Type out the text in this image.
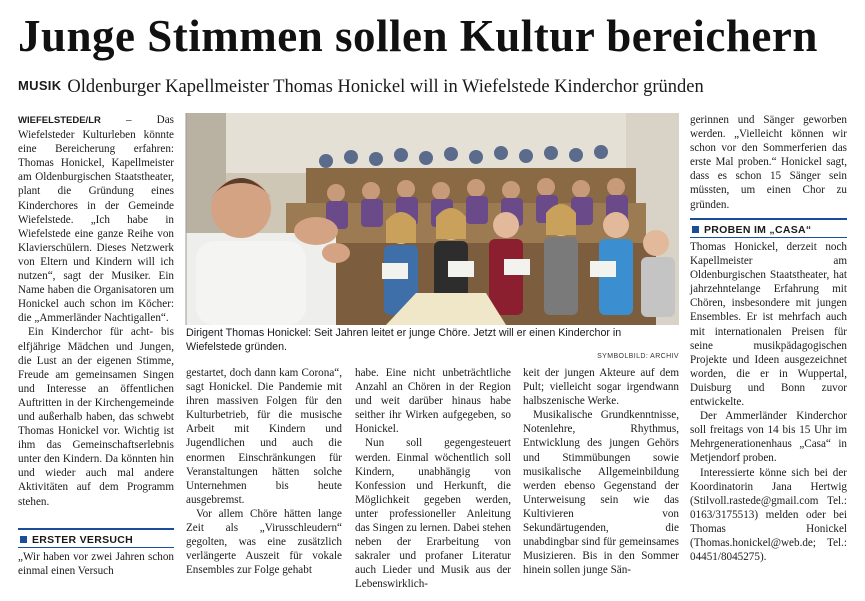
Junge Stimmen sollen Kultur bereichern
MUSIK Oldenburger Kapellmeister Thomas Honickel will in Wiefelstede Kinderchor gründen

WIEFELSTEDE/LR – Das Wiefelsteder Kulturleben könnte eine Bereicherung erfahren: Thomas Honickel, Kapellmeister am Oldenburgischen Staatstheater, plant die Gründung eines Kinderchores in der Gemeinde Wiefelstede. „Ich habe in Wiefelstede eine ganze Reihe von Klavierschülern. Dieses Netzwerk von Eltern und Kindern will ich nutzen“, sagt der Musiker. Ein Name haben die Organisatoren um Honickel auch schon im Köcher: die „Ammerländer Nachtigallen“.

Ein Kinderchor für acht- bis elfjährige Mädchen und Jungen, die Lust an der eigenen Stimme, Freude am gemeinsamen Singen und Interesse an öffentlichen Auftritten in der Kirchengemeinde und außerhalb haben, das schwebt Thomas Honickel vor. Wichtig ist ihm das Gemeinschaftserlebnis unter den Kindern. Da könnten hin und wieder auch mal andere Aktivitäten auf dem Programm stehen.

ERSTER VERSUCH

„Wir haben vor zwei Jahren schon einmal einen Versuch

Dirigent Thomas Honickel: Seit Jahren leitet er junge Chöre. Jetzt will er einen Kinderchor in Wiefelstede gründen.
SYMBOLBILD: ARCHIV

gestartet, doch dann kam Corona“, sagt Honickel. Die Pandemie mit ihren massiven Folgen für den Kulturbetrieb, für die musische Arbeit mit Kindern und Jugendlichen und auch die enormen Einschränkungen für Veranstaltungen hätten solche Unternehmen bis heute ausgebremst.

Vor allem Chöre hätten lange Zeit als „Virusschleudern“ gegolten, was eine zusätzlich verlängerte Auszeit für vokale Ensembles zur Folge gehabt

habe. Eine nicht unbeträchtliche Anzahl an Chören in der Region und weit darüber hinaus habe seither ihr Wirken aufgegeben, so Honickel.

Nun soll gegengesteuert werden. Einmal wöchentlich soll Kindern, unabhängig von Konfession und Herkunft, die Möglichkeit gegeben werden, unter professioneller Anleitung das Singen zu lernen. Dabei stehen neben der Erarbeitung von sakraler und profaner Literatur auch Lieder und Musik aus der Lebenswirklich-

keit der jungen Akteure auf dem Pult; vielleicht sogar irgendwann halbszenische Werke.

Musikalische Grundkenntnisse, Notenlehre, Rhythmus, Entwicklung des jungen Gehörs und Stimmübungen sowie musikalische Allgemeinbildung werden ebenso Gegenstand der Unterweisung sein wie das Kultivieren von Sekundärtugenden, die unabdingbar sind für gemeinsames Musizieren. Bis in den Sommer hinein sollen junge Sän-

gerinnen und Sänger geworben werden. „Vielleicht können wir schon vor den Sommerferien das erste Mal proben.“ Honickel sagt, dass es schon 15 Sänger sein müssten, um einen Chor zu gründen.

PROBEN IM „CASA“

Thomas Honickel, derzeit noch Kapellmeister am Oldenburgischen Staatstheater, hat jahrzehntelange Erfahrung mit Chören, insbesondere mit jungen Ensembles. Er ist mehrfach auch mit internationalen Preisen für seine musikpädagogischen Projekte und Ideen ausgezeichnet worden, die er in Wuppertal, Duisburg und Bonn zuvor entwickelte.

Der Ammerländer Kinderchor soll freitags von 14 bis 15 Uhr im Mehrgenerationenhaus „Casa“ in Metjendorf proben.

Interessierte könne sich bei der Koordinatorin Jana Hertwig (Stilvoll.rastede@gmail.com Tel.: 0163/3175513) melden oder bei Thomas Honickel (Thomas.honickel@web.de; Tel.: 04451/8045275).
